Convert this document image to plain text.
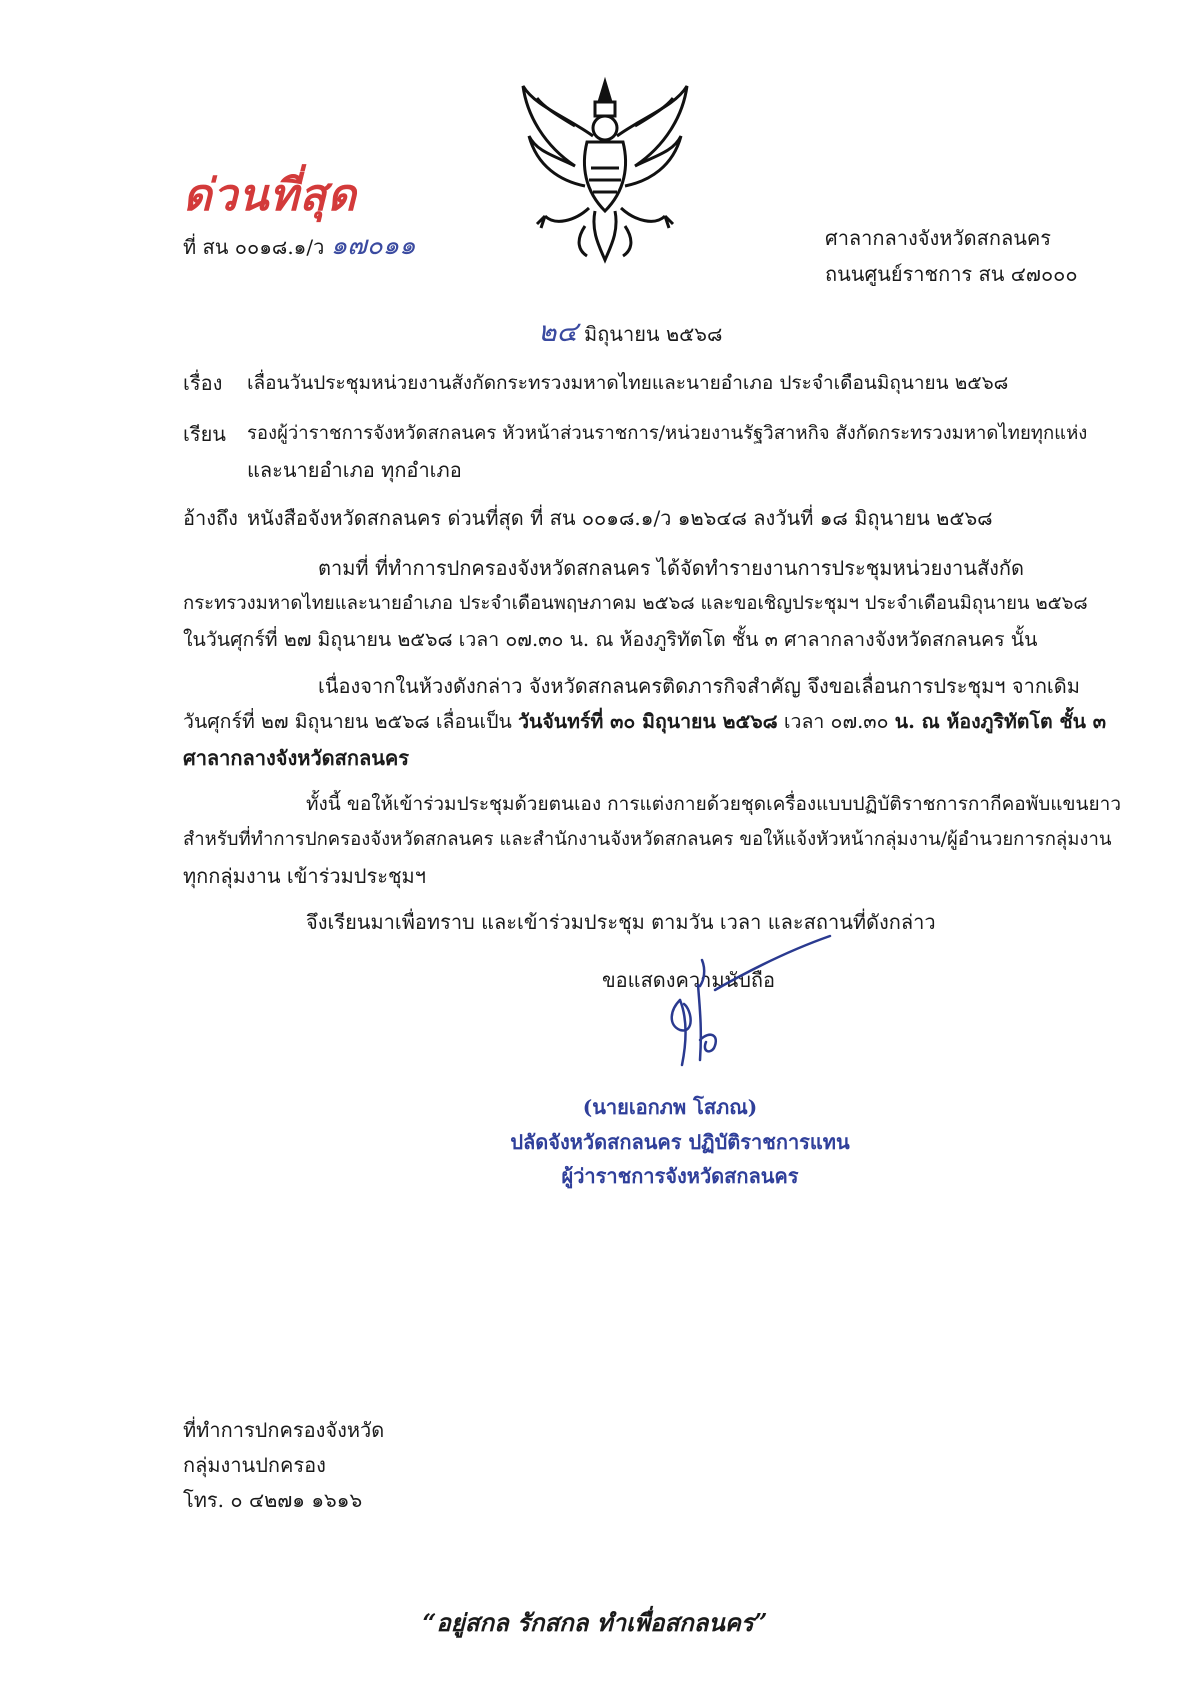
ด่วนที่สุด
ที่ สน ๐๐๑๘.๑/ว ๑๗๐๑๑	ศาลากลางจังหวัดสกลนคร
ถนนศูนย์ราชการ สน ๔๗๐๐๐
๒๔ มิถุนายน ๒๕๖๘
เรื่อง	เลื่อนวันประชุมหน่วยงานสังกัดกระทรวงมหาดไทยและนายอำเภอ ประจำเดือนมิถุนายน ๒๕๖๘
เรียน	รองผู้ว่าราชการจังหวัดสกลนคร หัวหน้าส่วนราชการ/หน่วยงานรัฐวิสาหกิจ สังกัดกระทรวงมหาดไทยทุกแห่ง
และนายอำเภอ ทุกอำเภอ
อ้างถึง หนังสือจังหวัดสกลนคร ด่วนที่สุด ที่ สน ๐๐๑๘.๑/ว ๑๒๖๔๘ ลงวันที่ ๑๘ มิถุนายน ๒๕๖๘
ตามที่ ที่ทำการปกครองจังหวัดสกลนคร ได้จัดทำรายงานการประชุมหน่วยงานสังกัด
กระทรวงมหาดไทยและนายอำเภอ ประจำเดือนพฤษภาคม ๒๕๖๘ และขอเชิญประชุมฯ ประจำเดือนมิถุนายน ๒๕๖๘
ในวันศุกร์ที่ ๒๗ มิถุนายน ๒๕๖๘ เวลา ๐๗.๓๐ น. ณ ห้องภูริทัตโต ชั้น ๓ ศาลากลางจังหวัดสกลนคร นั้น
เนื่องจากในห้วงดังกล่าว จังหวัดสกลนครติดภารกิจสำคัญ จึงขอเลื่อนการประชุมฯ จากเดิม
วันศุกร์ที่ ๒๗ มิถุนายน ๒๕๖๘ เลื่อนเป็น วันจันทร์ที่ ๓๐ มิถุนายน ๒๕๖๘ เวลา ๐๗.๓๐ น. ณ ห้องภูริทัตโต ชั้น ๓
ศาลากลางจังหวัดสกลนคร
ทั้งนี้ ขอให้เข้าร่วมประชุมด้วยตนเอง การแต่งกายด้วยชุดเครื่องแบบปฏิบัติราชการกากีคอพับแขนยาว
สำหรับที่ทำการปกครองจังหวัดสกลนคร และสำนักงานจังหวัดสกลนคร ขอให้แจ้งหัวหน้ากลุ่มงาน/ผู้อำนวยการกลุ่มงาน
ทุกกลุ่มงาน เข้าร่วมประชุมฯ
จึงเรียนมาเพื่อทราบ และเข้าร่วมประชุม ตามวัน เวลา และสถานที่ดังกล่าว
ขอแสดงความนับถือ
(นายเอกภพ โสภณ)
ปลัดจังหวัดสกลนคร ปฏิบัติราชการแทน
ผู้ว่าราชการจังหวัดสกลนคร
ที่ทำการปกครองจังหวัด
กลุ่มงานปกครอง
โทร. ๐ ๔๒๗๑ ๑๖๑๖
“อยู่สกล รักสกล ทำเพื่อสกลนคร”
